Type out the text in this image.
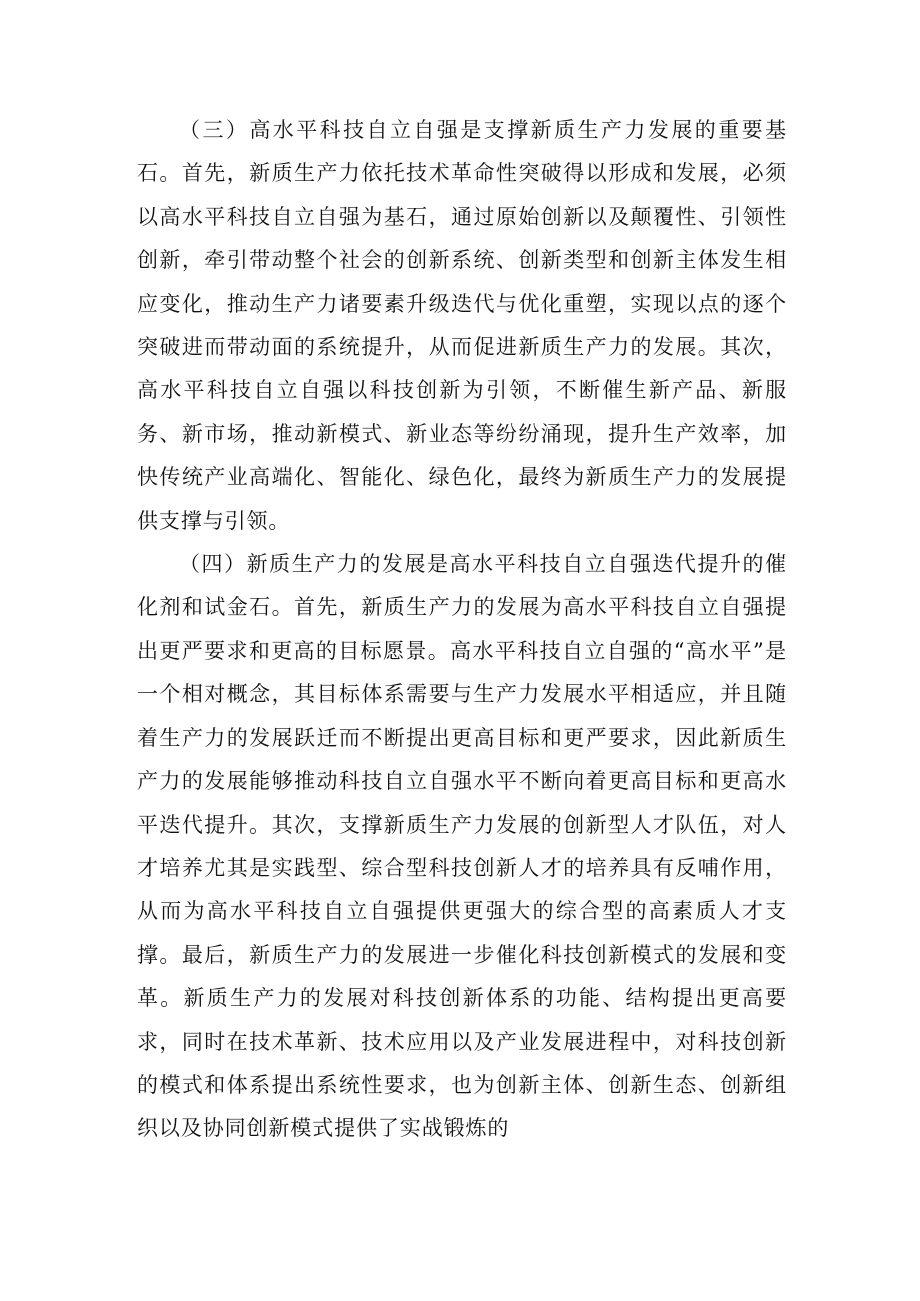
（三）高水平科技自立自强是支撑新质生产力发展的重要基石。首先，新质生产力依托技术革命性突破得以形成和发展，必须以高水平科技自立自强为基石，通过原始创新以及颠覆性、引领性创新，牵引带动整个社会的创新系统、创新类型和创新主体发生相应变化，推动生产力诸要素升级迭代与优化重塑，实现以点的逐个突破进而带动面的系统提升，从而促进新质生产力的发展。其次，高水平科技自立自强以科技创新为引领，不断催生新产品、新服务、新市场，推动新模式、新业态等纷纷涌现，提升生产效率，加快传统产业高端化、智能化、绿色化，最终为新质生产力的发展提供支撑与引领。

（四）新质生产力的发展是高水平科技自立自强迭代提升的催化剂和试金石。首先，新质生产力的发展为高水平科技自立自强提出更严要求和更高的目标愿景。高水平科技自立自强的“高水平”是一个相对概念，其目标体系需要与生产力发展水平相适应，并且随着生产力的发展跃迁而不断提出更高目标和更严要求，因此新质生产力的发展能够推动科技自立自强水平不断向着更高目标和更高水平迭代提升。其次，支撑新质生产力发展的创新型人才队伍，对人才培养尤其是实践型、综合型科技创新人才的培养具有反哺作用，从而为高水平科技自立自强提供更强大的综合型的高素质人才支撑。最后，新质生产力的发展进一步催化科技创新模式的发展和变革。新质生产力的发展对科技创新体系的功能、结构提出更高要求，同时在技术革新、技术应用以及产业发展进程中，对科技创新的模式和体系提出系统性要求，也为创新主体、创新生态、创新组织以及协同创新模式提供了实战锻炼的
